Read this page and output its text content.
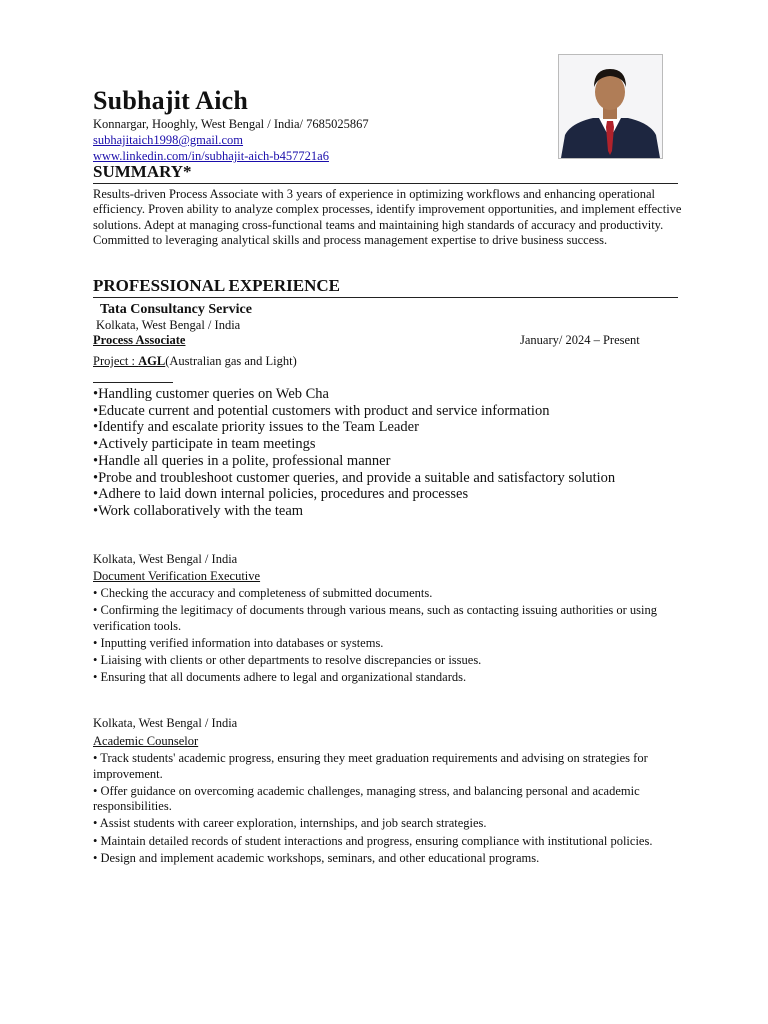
Subhajit Aich
Konnargar, Hooghly, West Bengal / India/ 7685025867
subhajitaich1998@gmail.com
www.linkedin.com/in/subhajit-aich-b457721a6
SUMMARY*
Results-driven Process Associate with 3 years of experience in optimizing workflows and enhancing operational efficiency. Proven ability to analyze complex processes, identify improvement opportunities, and implement effective solutions. Adept at managing cross-functional teams and maintaining high standards of accuracy and productivity. Committed to leveraging analytical skills and process management expertise to drive business success.
PROFESSIONAL EXPERIENCE
Tata Consultancy Service
Kolkata, West Bengal / India
Process Associate	January/ 2024 – Present
Project : AGL(Australian gas and Light)
•Handling customer queries on Web Cha
•Educate current and potential customers with product and service information
•Identify and escalate priority issues to the Team Leader
•Actively participate in team meetings
•Handle all queries in a polite, professional manner
•Probe and troubleshoot customer queries, and provide a suitable and satisfactory solution
•Adhere to laid down internal policies, procedures and processes
•Work collaboratively with the team
Kolkata, West Bengal / India
Document Verification Executive
• Checking the accuracy and completeness of submitted documents.
• Confirming the legitimacy of documents through various means, such as contacting issuing authorities or using verification tools.
• Inputting verified information into databases or systems.
• Liaising with clients or other departments to resolve discrepancies or issues.
• Ensuring that all documents adhere to legal and organizational standards.
Kolkata, West Bengal / India
Academic Counselor
• Track students' academic progress, ensuring they meet graduation requirements and advising on strategies for improvement.
• Offer guidance on overcoming academic challenges, managing stress, and balancing personal and academic responsibilities.
• Assist students with career exploration, internships, and job search strategies.
• Maintain detailed records of student interactions and progress, ensuring compliance with institutional policies.
• Design and implement academic workshops, seminars, and other educational programs.
